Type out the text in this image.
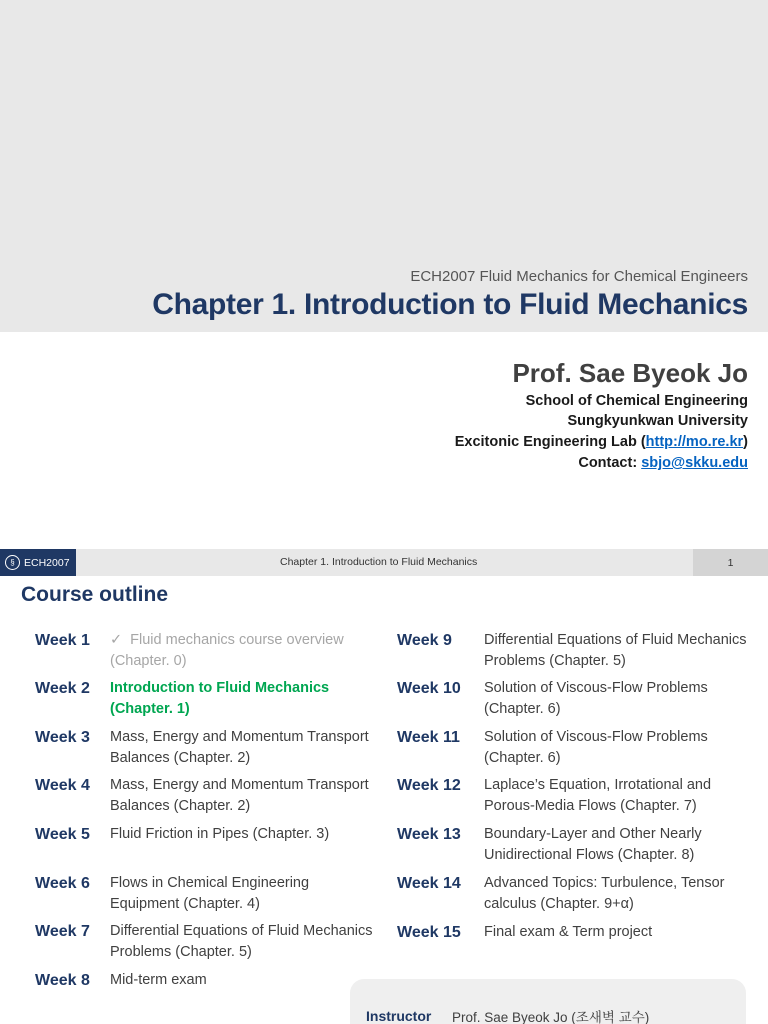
ECH2007 Fluid Mechanics for Chemical Engineers
Chapter 1. Introduction to Fluid Mechanics
Prof. Sae Byeok Jo
School of Chemical Engineering
Sungkyunkwan University
Excitonic Engineering Lab (http://mo.re.kr)
Contact: sbjo@skku.edu
§ ECH2007	Chapter 1. Introduction to Fluid Mechanics	1
Course outline
Week 1	✓ Fluid mechanics course overview (Chapter. 0)
Week 2	Introduction to Fluid Mechanics (Chapter. 1)
Week 3	Mass, Energy and Momentum Transport Balances (Chapter. 2)
Week 4	Mass, Energy and Momentum Transport Balances (Chapter. 2)
Week 5	Fluid Friction in Pipes (Chapter. 3)
Week 6	Flows in Chemical Engineering Equipment (Chapter. 4)
Week 7	Differential Equations of Fluid Mechanics Problems (Chapter. 5)
Week 8	Mid-term exam
Week 9	Differential Equations of Fluid Mechanics Problems (Chapter. 5)
Week 10	Solution of Viscous-Flow Problems (Chapter. 6)
Week 11	Solution of Viscous-Flow Problems (Chapter. 6)
Week 12	Laplace’s Equation, Irrotational and Porous-Media Flows (Chapter. 7)
Week 13	Boundary-Layer and Other Nearly Unidirectional Flows (Chapter. 8)
Week 14	Advanced Topics: Turbulence, Tensor calculus (Chapter. 9+α)
Week 15	Final exam & Term project
Instructor Prof. Sae Byeok Jo (조새벽 교수)
